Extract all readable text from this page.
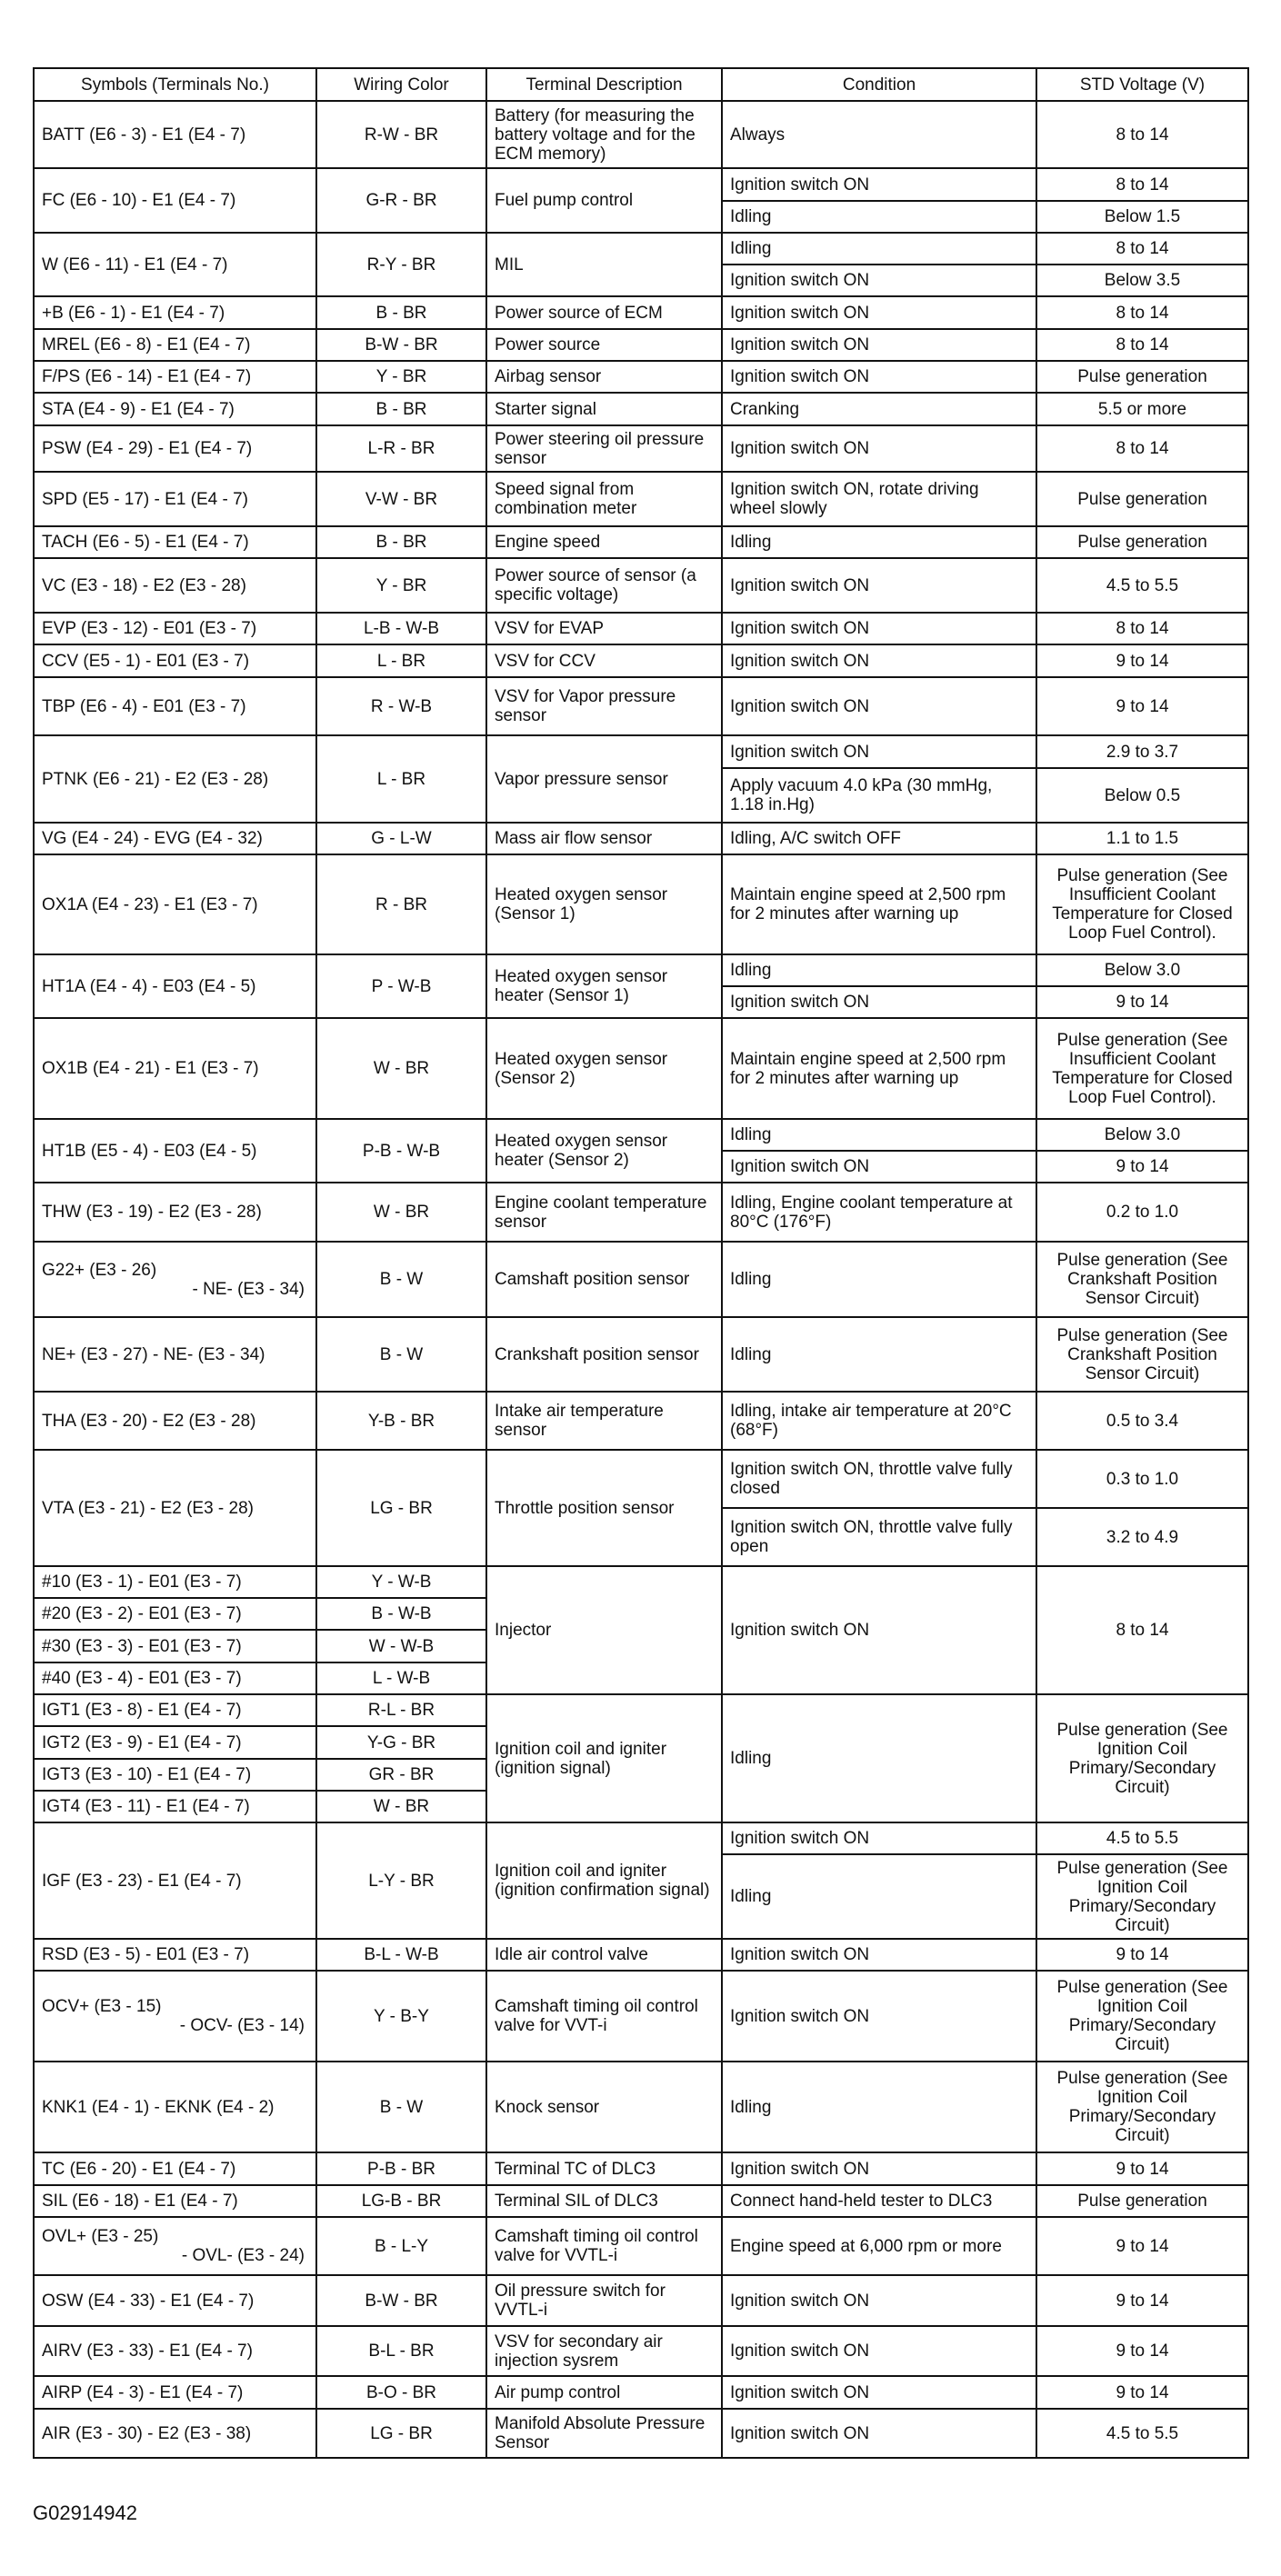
Symbols (Terminals No.)	Wiring Color	Terminal Description	Condition	STD Voltage (V)
BATT (E6 - 3) - E1 (E4 - 7)	R-W - BR	Battery (for measuring the battery voltage and for the ECM memory)	Always	8 to 14
FC (E6 - 10) - E1 (E4 - 7)	G-R - BR	Fuel pump control	Ignition switch ON	8 to 14
			Idling	Below 1.5
W (E6 - 11) - E1 (E4 - 7)	R-Y - BR	MIL	Idling	8 to 14
			Ignition switch ON	Below 3.5
+B (E6 - 1) - E1 (E4 - 7)	B - BR	Power source of ECM	Ignition switch ON	8 to 14
MREL (E6 - 8) - E1 (E4 - 7)	B-W - BR	Power source	Ignition switch ON	8 to 14
F/PS (E6 - 14) - E1 (E4 - 7)	Y - BR	Airbag sensor	Ignition switch ON	Pulse generation
STA (E4 - 9) - E1 (E4 - 7)	B - BR	Starter signal	Cranking	5.5 or more
PSW (E4 - 29) - E1 (E4 - 7)	L-R - BR	Power steering oil pressure sensor	Ignition switch ON	8 to 14
SPD (E5 - 17) - E1 (E4 - 7)	V-W - BR	Speed signal from combination meter	Ignition switch ON, rotate driving wheel slowly	Pulse generation
TACH (E6 - 5) - E1 (E4 - 7)	B - BR	Engine speed	Idling	Pulse generation
VC (E3 - 18) - E2 (E3 - 28)	Y - BR	Power source of sensor (a specific voltage)	Ignition switch ON	4.5 to 5.5
EVP (E3 - 12) - E01 (E3 - 7)	L-B - W-B	VSV for EVAP	Ignition switch ON	8 to 14
CCV (E5 - 1) - E01 (E3 - 7)	L - BR	VSV for CCV	Ignition switch ON	9 to 14
TBP (E6 - 4) - E01 (E3 - 7)	R - W-B	VSV for Vapor pressure sensor	Ignition switch ON	9 to 14
PTNK (E6 - 21) - E2 (E3 - 28)	L - BR	Vapor pressure sensor	Ignition switch ON	2.9 to 3.7
			Apply vacuum 4.0 kPa (30 mmHg, 1.18 in.Hg)	Below 0.5
VG (E4 - 24) - EVG (E4 - 32)	G - L-W	Mass air flow sensor	Idling, A/C switch OFF	1.1 to 1.5
OX1A (E4 - 23) - E1 (E3 - 7)	R - BR	Heated oxygen sensor (Sensor 1)	Maintain engine speed at 2,500 rpm for 2 minutes after warning up	Pulse generation (See Insufficient Coolant Temperature for Closed Loop Fuel Control).
HT1A (E4 - 4) - E03 (E4 - 5)	P - W-B	Heated oxygen sensor heater (Sensor 1)	Idling	Below 3.0
			Ignition switch ON	9 to 14
OX1B (E4 - 21) - E1 (E3 - 7)	W - BR	Heated oxygen sensor (Sensor 2)	Maintain engine speed at 2,500 rpm for 2 minutes after warning up	Pulse generation (See Insufficient Coolant Temperature for Closed Loop Fuel Control).
HT1B (E5 - 4) - E03 (E4 - 5)	P-B - W-B	Heated oxygen sensor heater (Sensor 2)	Idling	Below 3.0
			Ignition switch ON	9 to 14
THW (E3 - 19) - E2 (E3 - 28)	W - BR	Engine coolant temperature sensor	Idling, Engine coolant temperature at 80°C (176°F)	0.2 to 1.0

G22+ (E3 - 26)
- NE- (E3 - 34)	B - W	Camshaft position sensor	Idling	Pulse generation (See Crankshaft Position Sensor Circuit)
NE+ (E3 - 27) - NE- (E3 - 34)	B - W	Crankshaft position sensor	Idling	Pulse generation (See Crankshaft Position Sensor Circuit)
THA (E3 - 20) - E2 (E3 - 28)	Y-B - BR	Intake air temperature sensor	Idling, intake air temperature at 20°C (68°F)	0.5 to 3.4
VTA (E3 - 21) - E2 (E3 - 28)	LG - BR	Throttle position sensor	Ignition switch ON, throttle valve fully closed	0.3 to 1.0
			Ignition switch ON, throttle valve fully open	3.2 to 4.9
#10 (E3 - 1) - E01 (E3 - 7)	Y - W-B	Injector	Ignition switch ON	8 to 14
#20 (E3 - 2) - E01 (E3 - 7)	B - W-B			
#30 (E3 - 3) - E01 (E3 - 7)	W - W-B			
#40 (E3 - 4) - E01 (E3 - 7)	L - W-B			
IGT1 (E3 - 8) - E1 (E4 - 7)	R-L - BR	Ignition coil and igniter (ignition signal)	Idling	Pulse generation (See Ignition Coil Primary/Secondary Circuit)
IGT2 (E3 - 9) - E1 (E4 - 7)	Y-G - BR			
IGT3 (E3 - 10) - E1 (E4 - 7)	GR - BR			
IGT4 (E3 - 11) - E1 (E4 - 7)	W - BR			
IGF (E3 - 23) - E1 (E4 - 7)	L-Y - BR	Ignition coil and igniter (ignition confirmation signal)	Ignition switch ON	4.5 to 5.5
			Idling	Pulse generation (See Ignition Coil Primary/Secondary Circuit)
RSD (E3 - 5) - E01 (E3 - 7)	B-L - W-B	Idle air control valve	Ignition switch ON	9 to 14

OCV+ (E3 - 15)
- OCV- (E3 - 14)	Y - B-Y	Camshaft timing oil control valve for VVT-i	Ignition switch ON	Pulse generation (See Ignition Coil Primary/Secondary Circuit)
KNK1 (E4 - 1) - EKNK (E4 - 2)	B - W	Knock sensor	Idling	Pulse generation (See Ignition Coil Primary/Secondary Circuit)
TC (E6 - 20) - E1 (E4 - 7)	P-B - BR	Terminal TC of DLC3	Ignition switch ON	9 to 14
SIL (E6 - 18) - E1 (E4 - 7)	LG-B - BR	Terminal SIL of DLC3	Connect hand-held tester to DLC3	Pulse generation

OVL+ (E3 - 25)
- OVL- (E3 - 24)	B - L-Y	Camshaft timing oil control valve for VVTL-i	Engine speed at 6,000 rpm or more	9 to 14
OSW (E4 - 33) - E1 (E4 - 7)	B-W - BR	Oil pressure switch for VVTL-i	Ignition switch ON	9 to 14
AIRV (E3 - 33) - E1 (E4 - 7)	B-L - BR	VSV for secondary air injection sysrem	Ignition switch ON	9 to 14
AIRP (E4 - 3) - E1 (E4 - 7)	B-O - BR	Air pump control	Ignition switch ON	9 to 14
AIR (E3 - 30) - E2 (E3 - 38)	LG - BR	Manifold Absolute Pressure Sensor	Ignition switch ON	4.5 to 5.5
G02914942
